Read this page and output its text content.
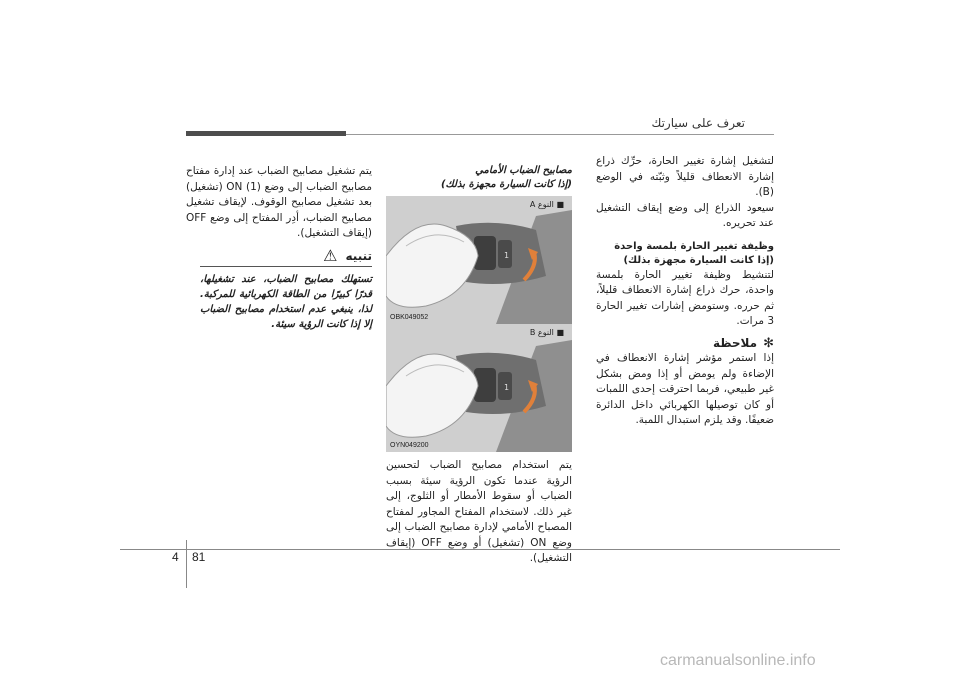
تعرف على سيارتك

لتشغيل إشارة تغيير الحارة، حرِّك ذراع إشارة الانعطاف قليلاً وثبّته في الوضع (B).

سيعود الذراع إلى وضع إيقاف التشغيل عند تحريره.

وظيفة تغيير الحارة بلمسة واحدة

(إذا كانت السيارة مجهزة بذلك)

لتنشيط وظيفة تغيير الحارة بلمسة واحدة، حرك ذراع إشارة الانعطاف قليلاً، ثم حرره. وستومض إشارات تغيير الحارة 3 مرات.

✻ملاحظة

إذا استمر مؤشر إشارة الانعطاف في الإضاءة ولم يومض أو إذا ومض بشكل غير طبيعي، فربما احترقت إحدى اللمبات أو كان توصيلها الكهربائي داخل الدائرة ضعيفًا. وقد يلزم استبدال اللمبة.

مصابيح الضباب الأمامي

(إذا كانت السيارة مجهزة بذلك)

1
■ النوع A
OBK049052
1
■ النوع B
OYN049200

يتم استخدام مصابيح الضباب لتحسين الرؤية عندما تكون الرؤية سيئة بسبب الضباب أو سقوط الأمطار أو الثلوج، إلى غير ذلك. لاستخدام المفتاح المجاور لمفتاح المصباح الأمامي لإدارة مصابيح الضباب إلى وضع ON (تشغيل) أو وضع OFF (إيقاف التشغيل).

يتم تشغيل مصابيح الضباب عند إدارة مفتاح مصابيح الضباب إلى وضع (1) ON (تشغيل) بعد تشغيل مصابيح الوقوف. لإيقاف تشغيل مصابيح الضباب، أدِر المفتاح إلى وضع OFF (إيقاف التشغيل).

تنبيه
⚠
تستهلك مصابيح الضباب، عند تشغيلها، قدرًا كبيرًا من الطاقة الكهربائية للمركبة. لذا، ينبغي عدم استخدام مصابيح الضباب إلا إذا كانت الرؤية سيئة.
4 81
carmanualsonline.info
